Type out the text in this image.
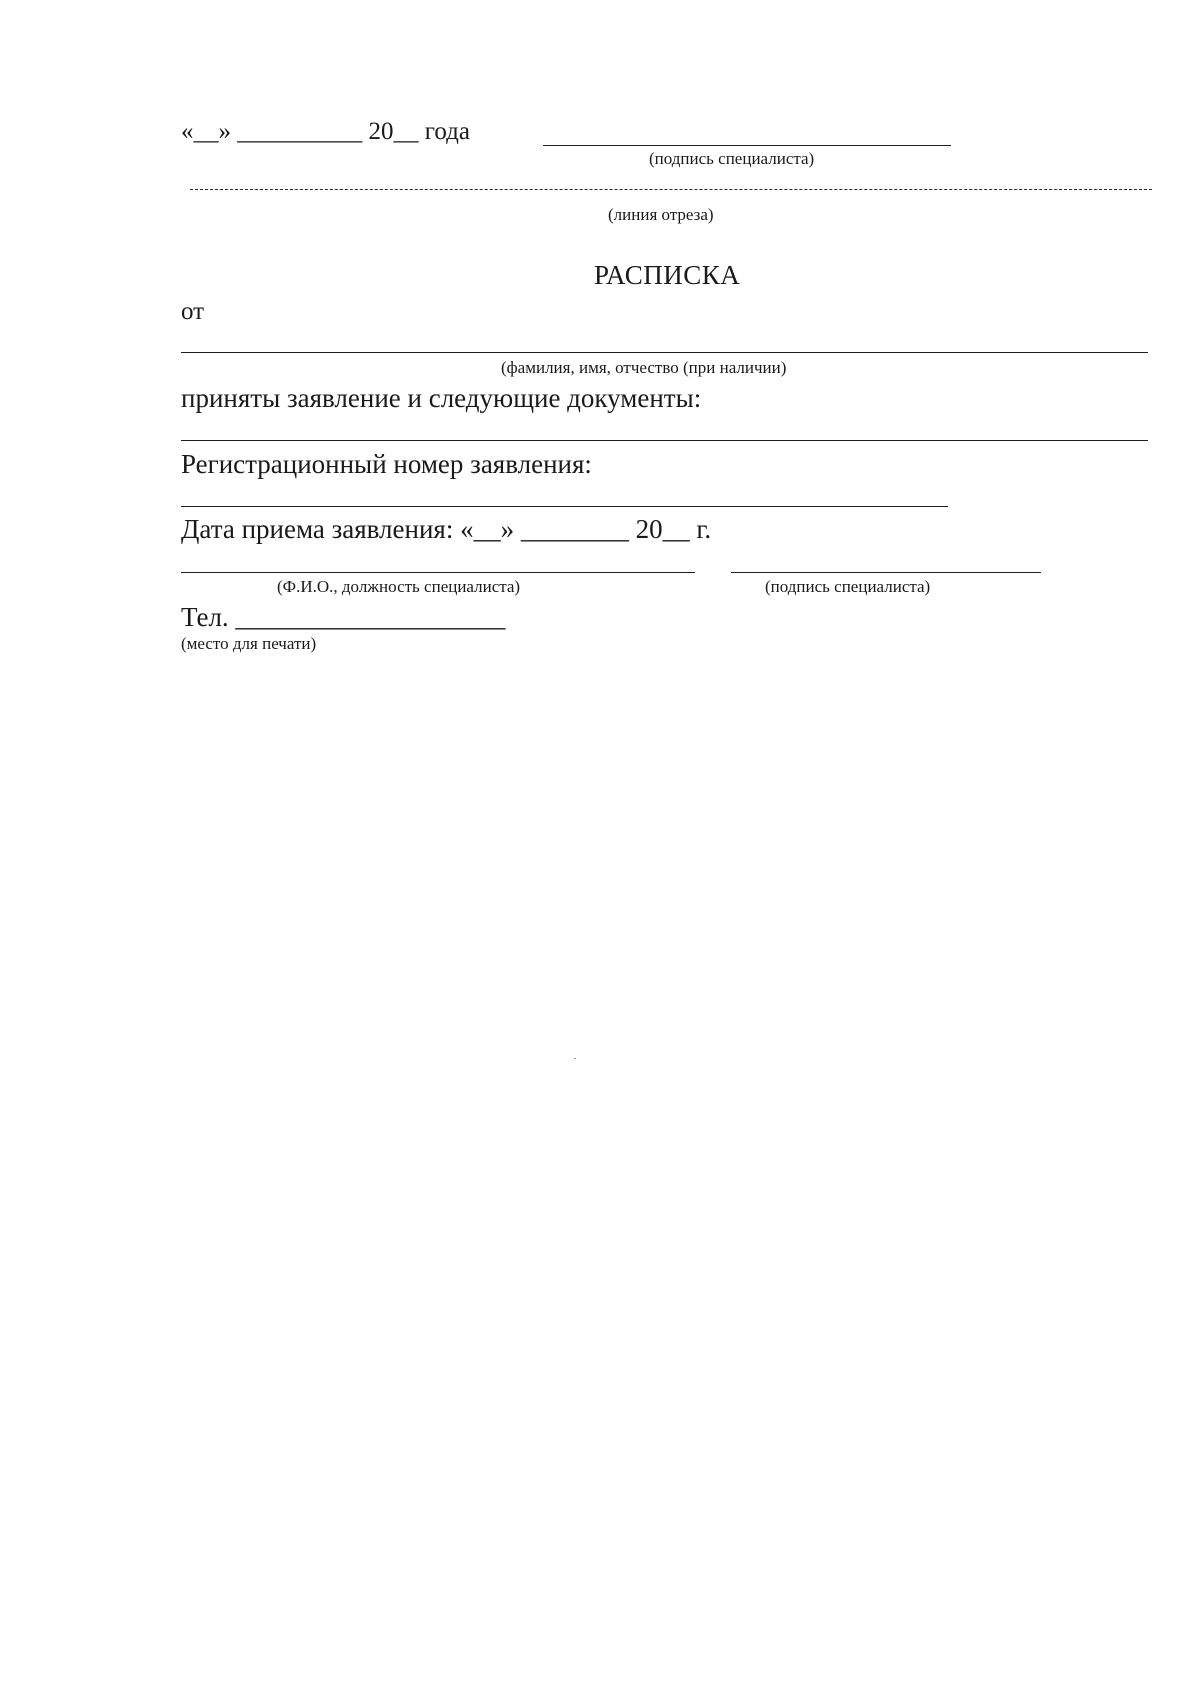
«__» __________ 20__ года
(подпись специалиста)
(линия отреза)
РАСПИСКА
от
(фамилия, имя, отчество (при наличии)
приняты заявление и следующие документы:
Регистрационный номер заявления:
Дата приема заявления: «__» ________ 20__ г.
(Ф.И.О., должность специалиста)	(подпись специалиста)
Тел. ____________________
(место для печати)
